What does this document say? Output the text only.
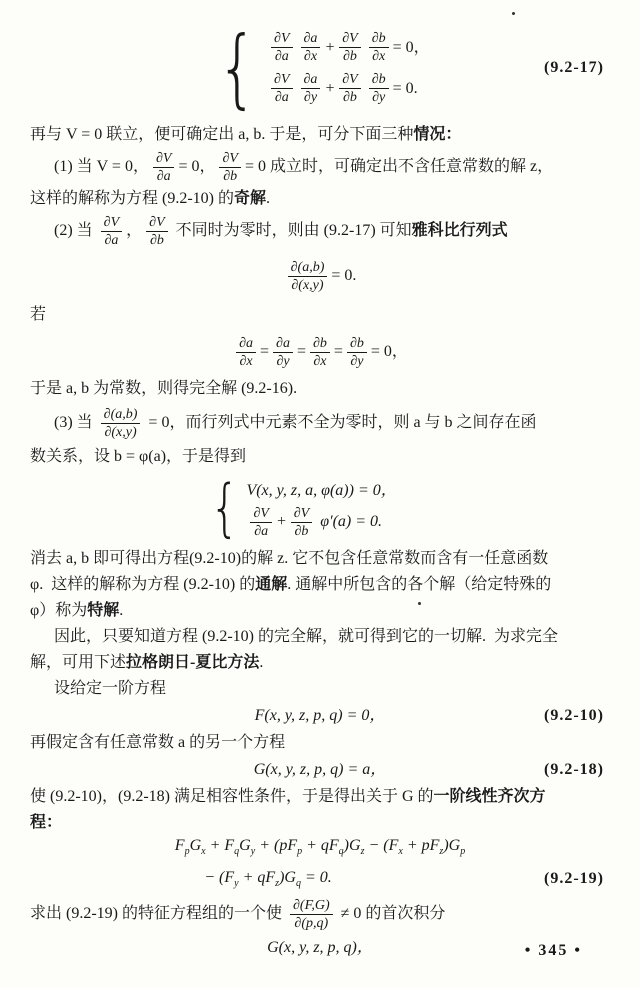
{ $\frac{\partial V}{\partial a} \frac{\partial a}{\partial x} + \frac{\partial V}{\partial b} \frac{\partial b}{\partial x} = 0$，
$\frac{\partial V}{\partial a} \frac{\partial a}{\partial y} + \frac{\partial V}{\partial b} \frac{\partial b}{\partial y} = 0$.
(9.2-17)
再与 V = 0 联立，便可确定出 a, b. 于是，可分下面三种情况：
(1) 当 V = 0， $\frac{\partial V}{\partial a} = 0$， $\frac{\partial V}{\partial b} = 0$ 成立时，可确定出不含任意常数的解 z，
这样的解称为方程 (9.2-10) 的奇解.
(2) 当 $\frac{\partial V}{\partial a}$ ， $\frac{\partial V}{\partial b}$ 不同时为零时，则由 (9.2-17) 可知 雅科比行列式
$\frac{\partial(a,b)}{\partial(x,y)} = 0$.
若
$\frac{\partial a}{\partial x} = \frac{\partial a}{\partial y} = \frac{\partial b}{\partial x} = \frac{\partial b}{\partial y} = 0$，
于是 a, b 为常数，则得完全解 (9.2-16).
(3) 当 $\frac{\partial(a,b)}{\partial(x,y)} = 0$，而行列式中元素不全为零时，则 a 与 b 之间存在函
数关系，设 b = φ(a)，于是得到
{ V(x, y, z, a, φ(a)) = 0，
$\frac{\partial V}{\partial a} + \frac{\partial V}{\partial b} \varphi'(a) = 0$.
消去 a, b 即可得出方程(9.2-10)的解 z. 它不包含任意常数而含有一任意函数
φ.  这样的解称为方程 (9.2-10) 的通解. 通解中所包含的各个解（给定特殊的
φ）称为特解.
因此，只要知道方程 (9.2-10) 的完全解，就可得到它的一切解.  为求完全
解，可用下述拉格朗日-夏比方法.
设给定一阶方程
F(x, y, z, p, q) = 0，	(9.2-10)
再假定含有任意常数 a 的另一个方程
G(x, y, z, p, q) = a，	(9.2-18)
使 (9.2-10)，(9.2-18) 满足相容性条件，于是得出关于 G 的一阶线性齐次方
程：
$F_pG_x + F_qG_y + (pF_p + qF_q)G_z - (F_x + pF_z)G_p$
− $(F_y + qF_z)G_q = 0$.	(9.2-19)
求出 (9.2-19) 的特征方程组的一个使 $\frac{\partial(F,G)}{\partial(p,q)} \ne 0$ 的首次积分
G(x, y, z, p, q)，	• 345 •
